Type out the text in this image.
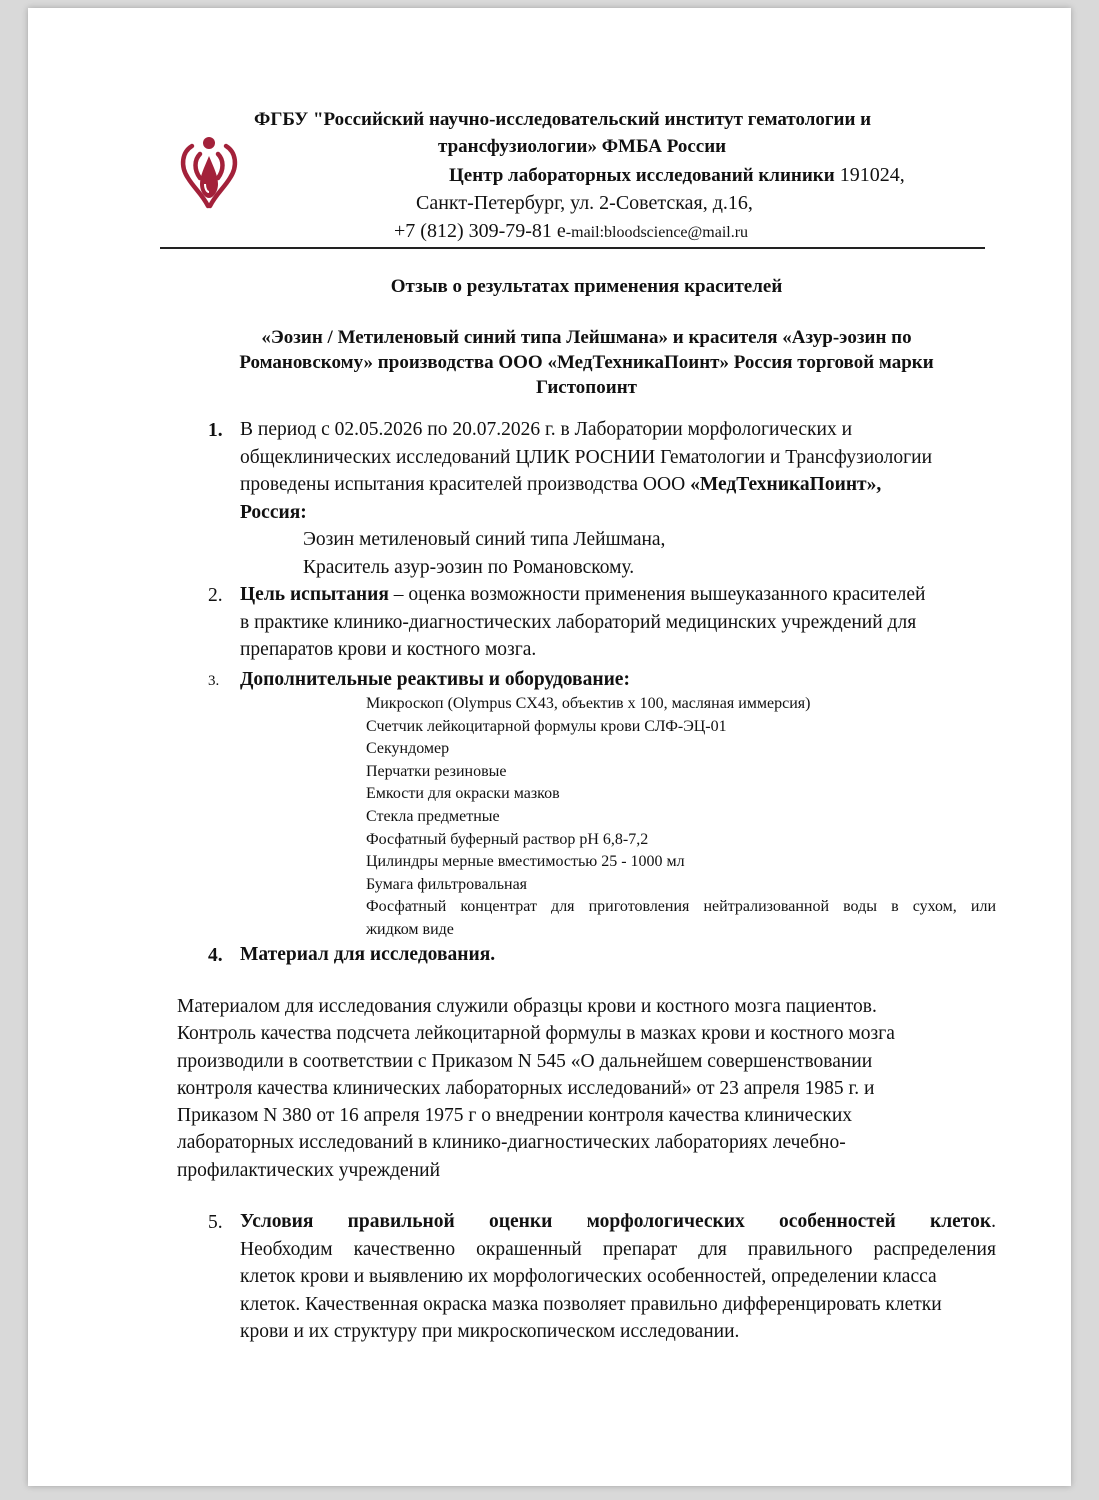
ФГБУ "Российский научно-исследовательский институт гематологии и
трансфузиологии» ФМБА России
Центр лабораторных исследований клиники 191024,
Санкт-Петербург, ул. 2-Советская, д.16,
+7 (812) 309-79-81 e-mail:bloodscience@mail.ru
Отзыв о результатах применения красителей
«Эозин / Метиленовый синий типа Лейшмана» и красителя «Азур-эозин по
Романовскому» производства ООО «МедТехникаПоинт» Россия торговой марки
Гистопоинт
1. В период с 02.05.2026 по 20.07.2026 г. в Лаборатории морфологических и
общеклинических исследований ЦЛИК РОСНИИ Гематологии и Трансфузиологии
проведены испытания красителей производства ООО «МедТехникаПоинт»,
Россия:
Эозин метиленовый синий типа Лейшмана,
Краситель азур-эозин по Романовскому.
2. Цель испытания – оценка возможности применения вышеуказанного красителей
в практике клинико-диагностических лабораторий медицинских учреждений для
препаратов крови и костного мозга.
3. Дополнительные реактивы и оборудование:
Микроскоп (Olympus CX43, объектив х 100, масляная иммерсия)
Счетчик лейкоцитарной формулы крови СЛФ-ЭЦ-01
Секундомер
Перчатки резиновые
Емкости для окраски мазков
Стекла предметные
Фосфатный буферный раствор pH 6,8-7,2
Цилиндры мерные вместимостью 25 - 1000 мл
Бумага фильтровальная
Фосфатный концентрат для приготовления нейтрализованной воды в сухом, или
жидком виде
4. Материал для исследования.
Материалом для исследования служили образцы крови и костного мозга пациентов.
Контроль качества подсчета лейкоцитарной формулы в мазках крови и костного мозга
производили в соответствии с Приказом N 545 «О дальнейшем совершенствовании
контроля качества клинических лабораторных исследований» от 23 апреля 1985 г. и
Приказом N 380 от 16 апреля 1975 г о внедрении контроля качества клинических
лабораторных исследований в клинико-диагностических лабораториях лечебно-
профилактических учреждений
5. Условия правильной оценки морфологических особенностей клеток.
Необходим качественно окрашенный препарат для правильного распределения
клеток крови и выявлению их морфологических особенностей, определении класса
клеток. Качественная окраска мазка позволяет правильно дифференцировать клетки
крови и их структуру при микроскопическом исследовании.
